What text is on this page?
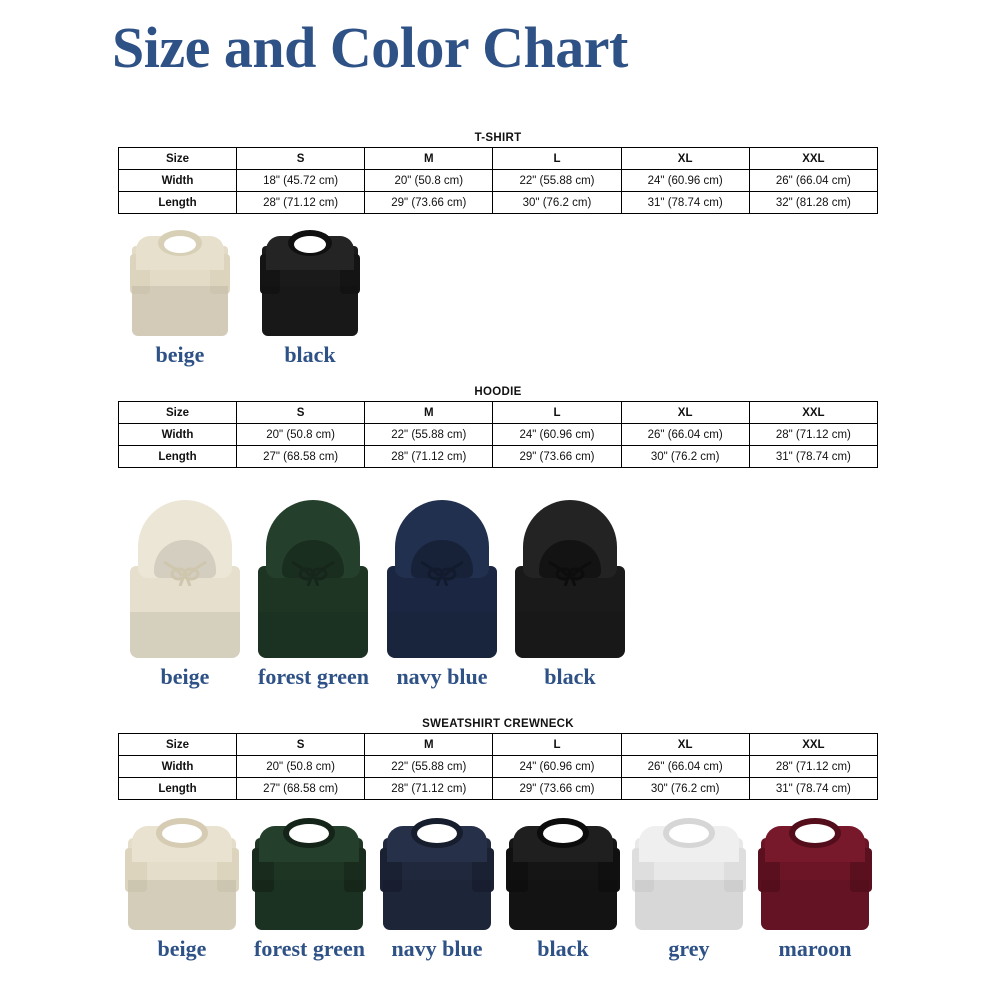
Size and Color Chart
T-SHIRT
Size	S	M	L	XL	XXL
Width	18" (45.72 cm)	20" (50.8 cm)	22" (55.88 cm)	24" (60.96 cm)	26" (66.04 cm)
Length	28" (71.12 cm)	29" (73.66 cm)	30" (76.2 cm)	31" (78.74 cm)	32" (81.28 cm)
beige	black
HOODIE
Size	S	M	L	XL	XXL
Width	20" (50.8 cm)	22" (55.88 cm)	24" (60.96 cm)	26" (66.04 cm)	28" (71.12 cm)
Length	27" (68.58 cm)	28" (71.12 cm)	29" (73.66 cm)	30" (76.2 cm)	31" (78.74 cm)
beige forest green navy blue	black
SWEATSHIRT CREWNECK
Size	S	M	L	XL	XXL
Width	20" (50.8 cm)	22" (55.88 cm)	24" (60.96 cm)	26" (66.04 cm)	28" (71.12 cm)
Length	27" (68.58 cm)	28" (71.12 cm)	29" (73.66 cm)	30" (76.2 cm)	31" (78.74 cm)
beige forest green navy blue black	grey	maroon
